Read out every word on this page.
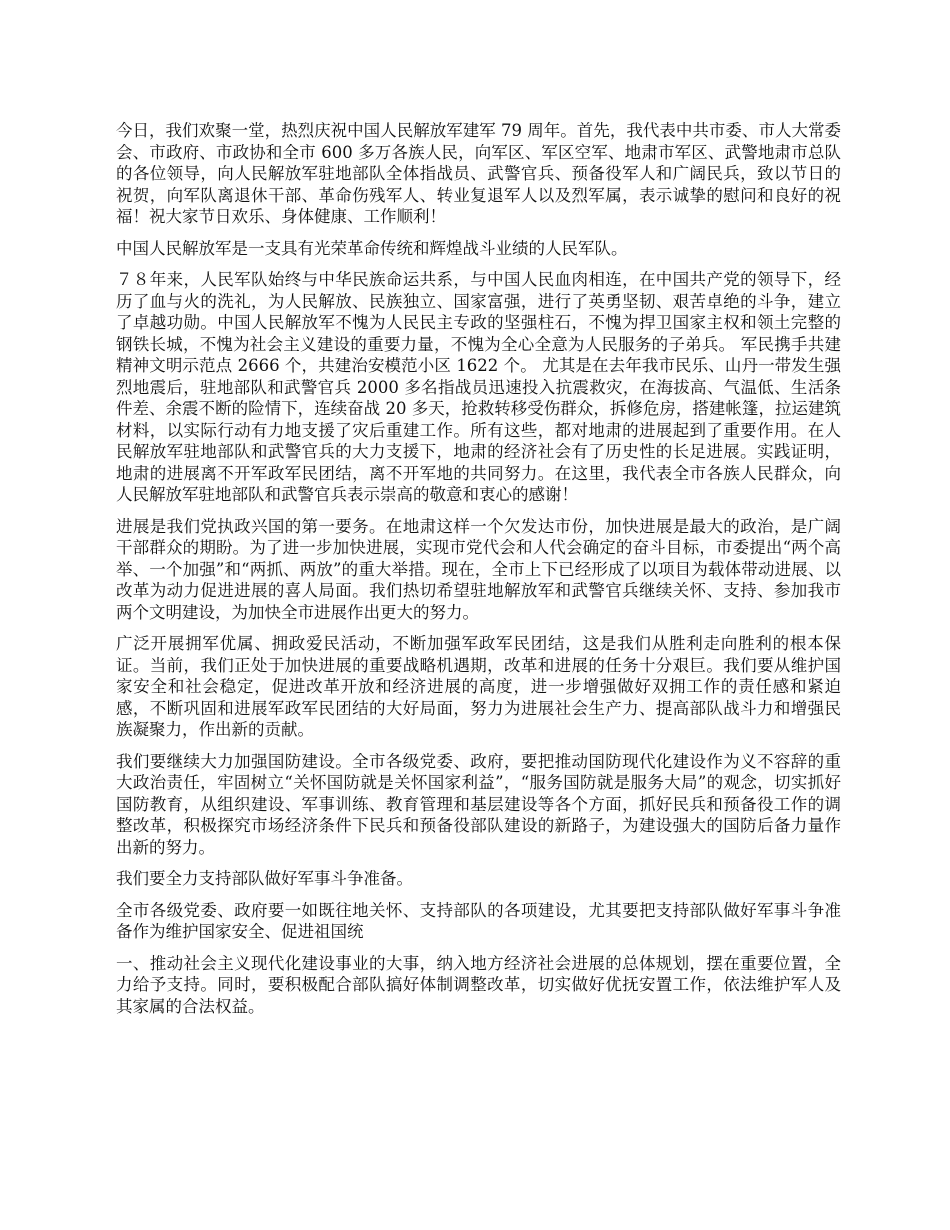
今日，我们欢聚一堂，热烈庆祝中国人民解放军建军 79 周年。首先，我代表中共市委、市人大常委会、市政府、市政协和全市 600 多万各族人民，向军区、军区空军、地肃市军区、武警地肃市总队的各位领导，向人民解放军驻地部队全体指战员、武警官兵、预备役军人和广阔民兵，致以节日的祝贺，向军队离退休干部、革命伤残军人、转业复退军人以及烈军属，表示诚挚的慰问和良好的祝福！祝大家节日欢乐、身体健康、工作顺利！

中国人民解放军是一支具有光荣革命传统和辉煌战斗业绩的人民军队。

７８年来，人民军队始终与中华民族命运共系，与中国人民血肉相连，在中国共产党的领导下，经历了血与火的洗礼，为人民解放、民族独立、国家富强，进行了英勇坚韧、艰苦卓绝的斗争，建立了卓越功勋。中国人民解放军不愧为人民民主专政的坚强柱石，不愧为捍卫国家主权和领土完整的钢铁长城，不愧为社会主义建设的重要力量，不愧为全心全意为人民服务的子弟兵。 军民携手共建精神文明示范点 2666 个，共建治安模范小区 1622 个。 尤其是在去年我市民乐、山丹一带发生强烈地震后，驻地部队和武警官兵 2000 多名指战员迅速投入抗震救灾，在海拔高、气温低、生活条件差、余震不断的险情下，连续奋战 20 多天，抢救转移受伤群众，拆修危房，搭建帐篷，拉运建筑材料，以实际行动有力地支援了灾后重建工作。所有这些，都对地肃的进展起到了重要作用。在人民解放军驻地部队和武警官兵的大力支援下，地肃的经济社会有了历史性的长足进展。实践证明，地肃的进展离不开军政军民团结，离不开军地的共同努力。在这里，我代表全市各族人民群众，向人民解放军驻地部队和武警官兵表示崇高的敬意和衷心的感谢！

进展是我们党执政兴国的第一要务。在地肃这样一个欠发达市份，加快进展是最大的政治，是广阔干部群众的期盼。为了进一步加快进展，实现市党代会和人代会确定的奋斗目标，市委提出“两个高举、一个加强”和“两抓、两放”的重大举措。现在，全市上下已经形成了以项目为载体带动进展、以改革为动力促进进展的喜人局面。我们热切希望驻地解放军和武警官兵继续关怀、支持、参加我市两个文明建设，为加快全市进展作出更大的努力。

广泛开展拥军优属、拥政爱民活动，不断加强军政军民团结，这是我们从胜利走向胜利的根本保证。当前，我们正处于加快进展的重要战略机遇期，改革和进展的任务十分艰巨。我们要从维护国家安全和社会稳定，促进改革开放和经济进展的高度，进一步增强做好双拥工作的责任感和紧迫感，不断巩固和进展军政军民团结的大好局面，努力为进展社会生产力、提高部队战斗力和增强民族凝聚力，作出新的贡献。

我们要继续大力加强国防建设。全市各级党委、政府，要把推动国防现代化建设作为义不容辞的重大政治责任，牢固树立“关怀国防就是关怀国家利益”，“服务国防就是服务大局”的观念，切实抓好国防教育，从组织建设、军事训练、教育管理和基层建设等各个方面，抓好民兵和预备役工作的调整改革，积极探究市场经济条件下民兵和预备役部队建设的新路子，为建设强大的国防后备力量作出新的努力。

我们要全力支持部队做好军事斗争准备。

全市各级党委、政府要一如既往地关怀、支持部队的各项建设，尤其要把支持部队做好军事斗争准备作为维护国家安全、促进祖国统

一、推动社会主义现代化建设事业的大事，纳入地方经济社会进展的总体规划，摆在重要位置，全力给予支持。同时，要积极配合部队搞好体制调整改革，切实做好优抚安置工作，依法维护军人及其家属的合法权益。
